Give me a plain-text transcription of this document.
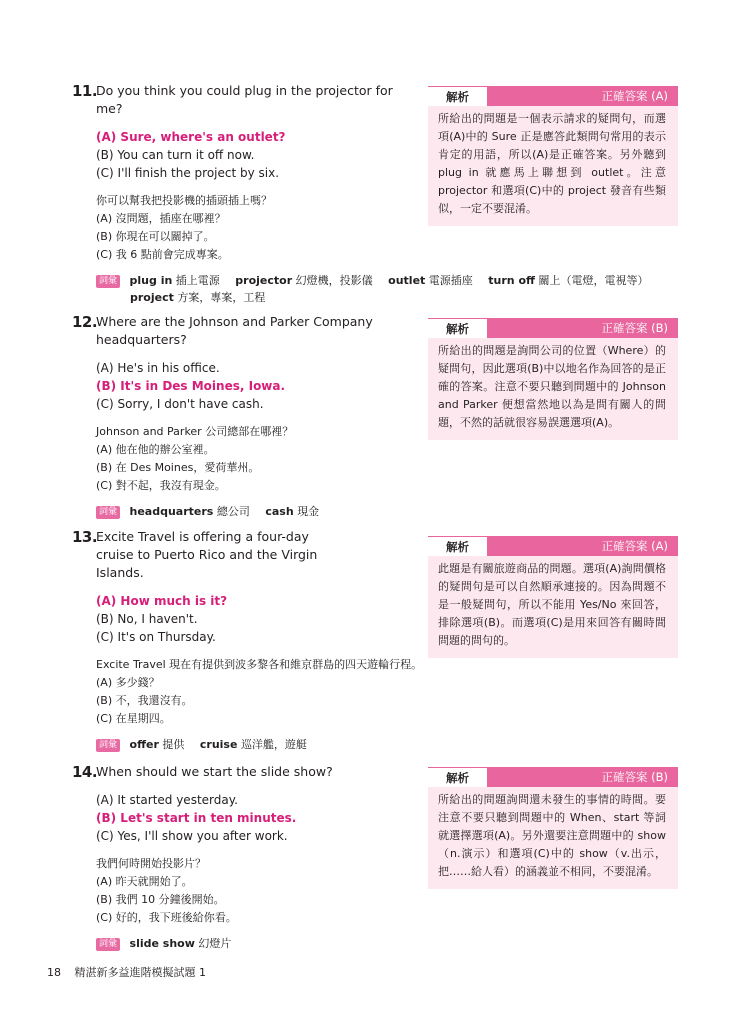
11.
Do you think you could plug in the projector for me?
(A) Sure, where's an outlet?
(B) You can turn it off now.
(C) I'll finish the project by six.
你可以幫我把投影機的插頭插上嗎？
(A) 沒問題，插座在哪裡？
(B) 你現在可以關掉了。
(C) 我 6 點前會完成專案。
詞彙 plug in 插上電源 projector 幻燈機，投影儀 outlet 電源插座 turn off 關上（電燈，電視等）
project 方案，專案，工程
解析	正確答案 (A)
所給出的問題是一個表示請求的疑問句，而選項(A)中的 Sure 正是應答此類問句常用的表示肯定的用語，所以(A)是正確答案。另外聽到 plug in 就應馬上聯想到 outlet。注意 projector 和選項(C)中的 project 發音有些類似，一定不要混淆。
12.
Where are the Johnson and Parker Company headquarters?
(A) He's in his office.
(B) It's in Des Moines, Iowa.
(C) Sorry, I don't have cash.
Johnson and Parker 公司總部在哪裡？
(A) 他在他的辦公室裡。
(B) 在 Des Moines，愛荷華州。
(C) 對不起，我沒有現金。
詞彙 headquarters 總公司 cash 現金
解析	正確答案 (B)
所給出的問題是詢問公司的位置（Where）的疑問句，因此選項(B)中以地名作為回答的是正確的答案。注意不要只聽到問題中的 Johnson and Parker 便想當然地以為是問有關人的問題，不然的話就很容易誤選選項(A)。
13.
Excite Travel is offering a four-day cruise to Puerto Rico and the Virgin Islands.
(A) How much is it?
(B) No, I haven't.
(C) It's on Thursday.
Excite Travel 現在有提供到波多黎各和維京群島的四天遊輪行程。
(A) 多少錢？
(B) 不，我還沒有。
(C) 在星期四。
詞彙 offer 提供 cruise 巡洋艦，遊艇
解析	正確答案 (A)
此題是有關旅遊商品的問題。選項(A)詢問價格的疑問句是可以自然順承連接的。因為問題不是一般疑問句，所以不能用 Yes/No 來回答，排除選項(B)。而選項(C)是用來回答有關時間問題的問句的。
14.
When should we start the slide show?
(A) It started yesterday.
(B) Let's start in ten minutes.
(C) Yes, I'll show you after work.
我們何時開始投影片？
(A) 昨天就開始了。
(B) 我們 10 分鐘後開始。
(C) 好的，我下班後給你看。
詞彙 slide show 幻燈片
解析	正確答案 (B)
所給出的問題詢問還未發生的事情的時間。要注意不要只聽到問題中的 When、start 等詞就選擇選項(A)。另外還要注意問題中的 show（n.演示）和選項(C)中的 show（v.出示，把……給人看）的涵義並不相同，不要混淆。
18 精湛新多益進階模擬試題 1
